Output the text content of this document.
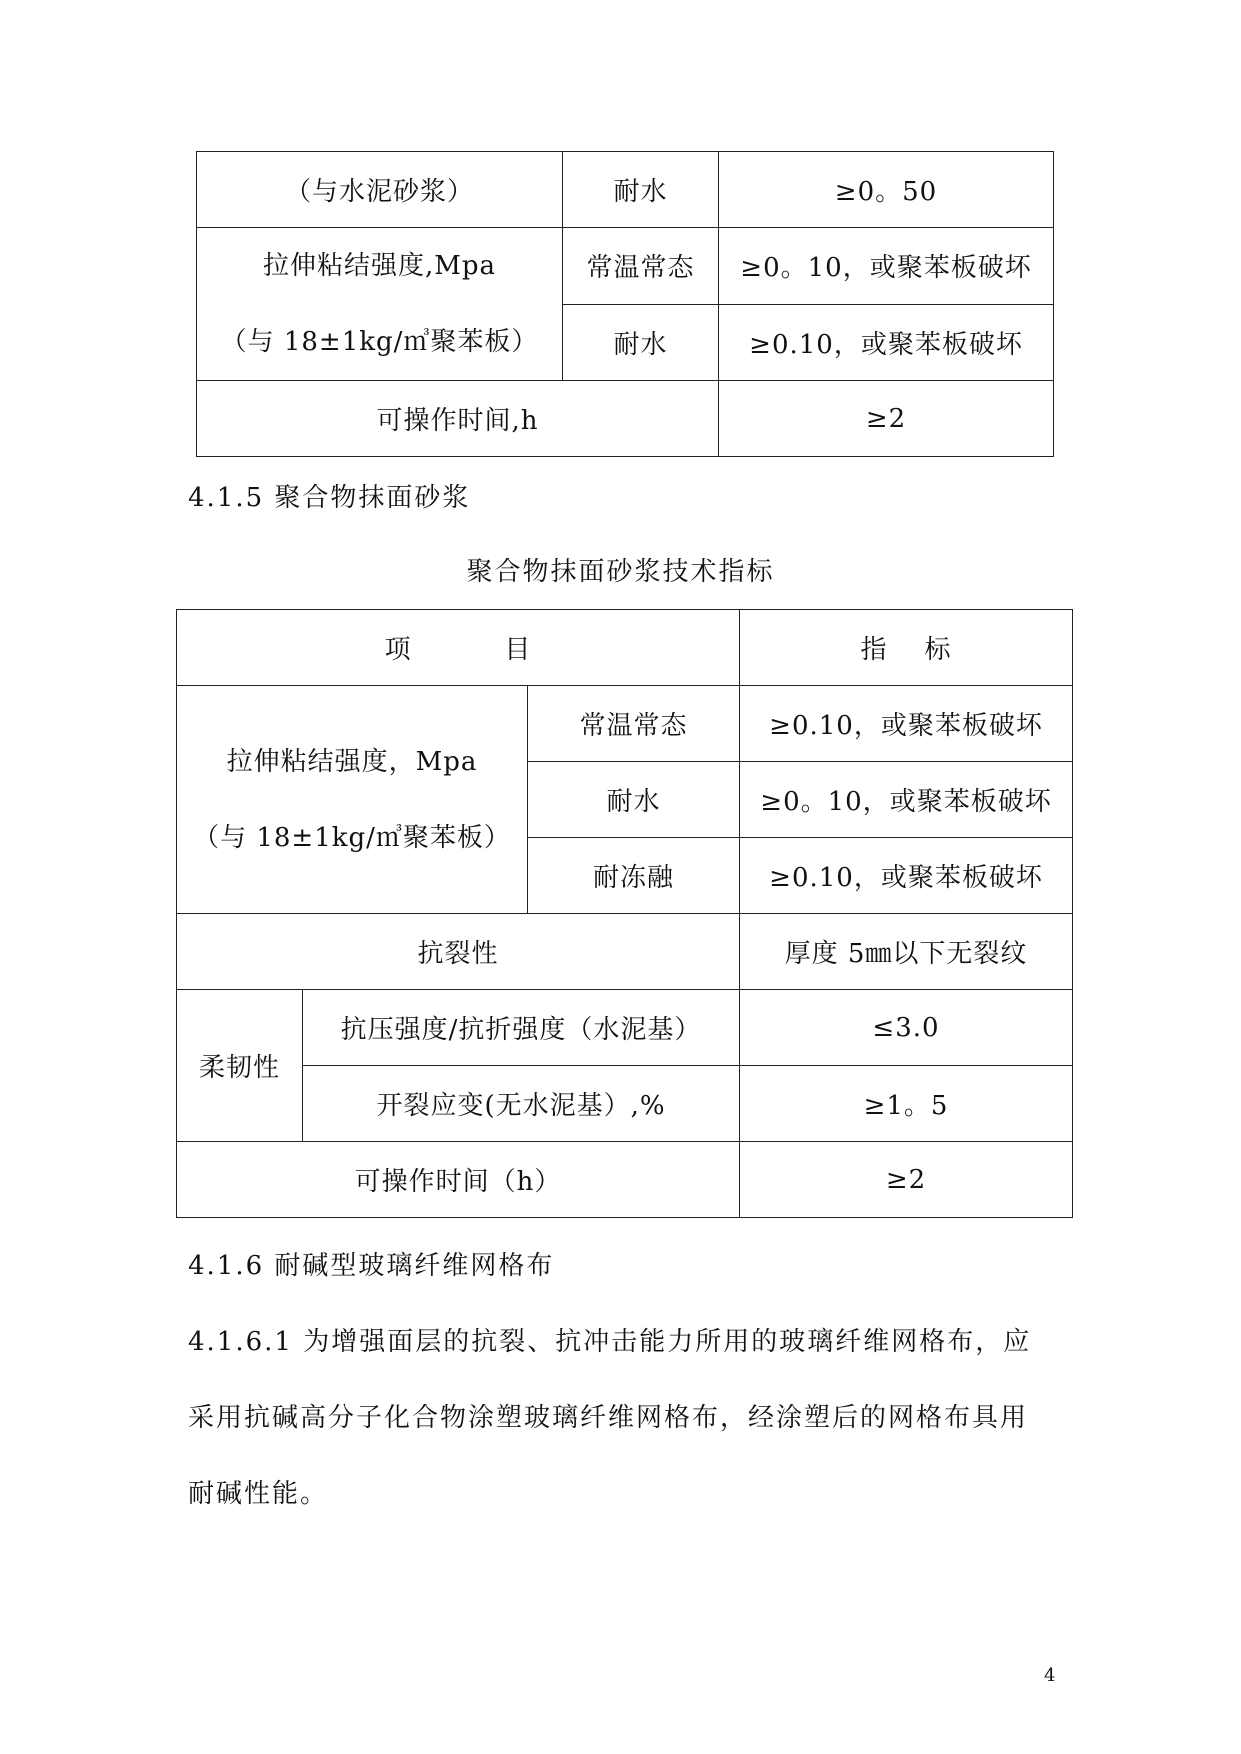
（与水泥砂浆）	耐水	≥0。50

拉伸粘结强度,Mpa
（与 18±1kg/㎥聚苯板）	常温常态	≥0。10，或聚苯板破坏
	耐水	≥0.10，或聚苯板破坏
可操作时间,h		≥2
4.1.5 聚合物抹面砂浆
聚合物抹面砂浆技术指标
项          目			指    标

拉伸粘结强度，Mpa
（与 18±1kg/㎥聚苯板）		常温常态	≥0.10，或聚苯板破坏
		耐水	≥0。10，或聚苯板破坏
		耐冻融	≥0.10，或聚苯板破坏
抗裂性			厚度 5㎜以下无裂纹
柔韧性	抗压强度/抗折强度（水泥基）		≤3.0
	开裂应变(无水泥基）,%		≥1。5
可操作时间（h）			≥2
4.1.6 耐碱型玻璃纤维网格布
4.1.6.1 为增强面层的抗裂、抗冲击能力所用的玻璃纤维网格布，应
采用抗碱高分子化合物涂塑玻璃纤维网格布，经涂塑后的网格布具用
耐碱性能。
4
